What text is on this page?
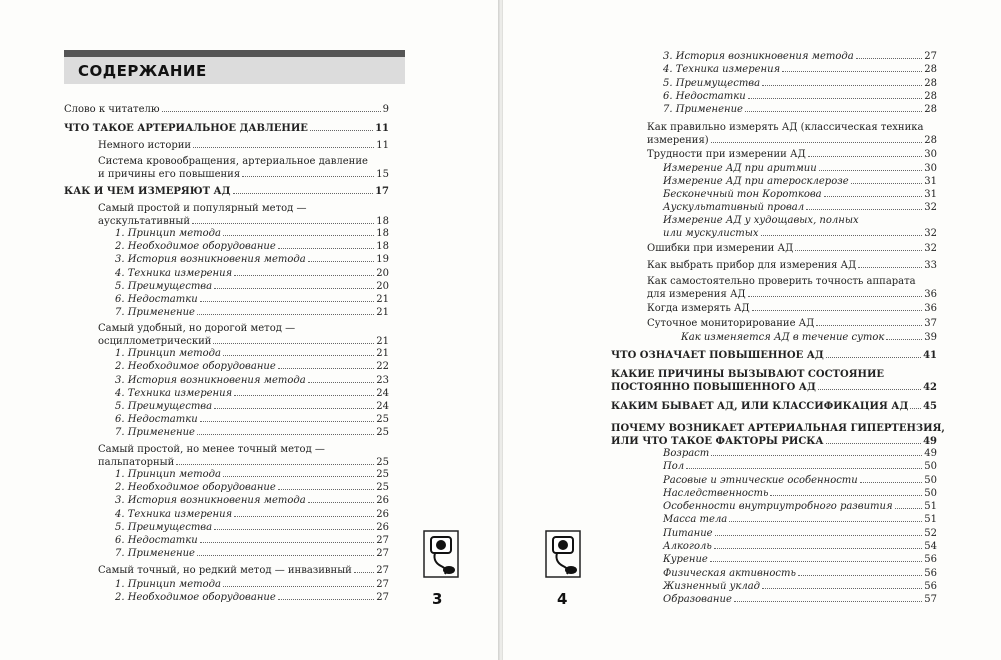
СОДЕРЖАНИЕ
Слово к читателю	9
ЧТО ТАКОЕ АРТЕРИАЛЬНОЕ ДАВЛЕНИЕ	11
Немного истории	11
Система кровообращения, артериальное давление
и причины его повышения	15
КАК И ЧЕМ ИЗМЕРЯЮТ АД	17
Самый простой и популярный метод —
аускультативный	18
1. Принцип метода	18
2. Необходимое оборудование	18
3. История возникновения метода	19
4. Техника измерения	20
5. Преимущества	20
6. Недостатки	21
7. Применение	21
Самый удобный, но дорогой метод —
осциллометрический	21
1. Принцип метода	21
2. Необходимое оборудование	22
3. История возникновения метода	23
4. Техника измерения	24
5. Преимущества	24
6. Недостатки	25
7. Применение	25
Самый простой, но менее точный метод —
пальпаторный	25
1. Принцип метода	25
2. Необходимое оборудование	25
3. История возникновения метода	26
4. Техника измерения	26
5. Преимущества	26
6. Недостатки	27
7. Применение	27
Самый точный, но редкий метод — инвазивный 27
1. Принцип метода	27
2. Необходимое оборудование	27	3
3. История возникновения метода	27
4. Техника измерения	28
5. Преимущества	28
6. Недостатки	28
7. Применение	28
Как правильно измерять АД (классическая техника
измерения)	28
Трудности при измерении АД	30
Измерение АД при аритмии	30
Измерение АД при атеросклерозе	31
Бесконечный тон Короткова	31
Аускультативный провал	32
Измерение АД у худощавых, полных
или мускулистых	32
Ошибки при измерении АД	32
Как выбрать прибор для измерения АД	33
Как самостоятельно проверить точность аппарата
для измерения АД	36
Когда измерять АД	36
Суточное мониторирование АД	37
Как изменяется АД в течение суток	39
ЧТО ОЗНАЧАЕТ ПОВЫШЕННОЕ АД	41
КАКИЕ ПРИЧИНЫ ВЫЗЫВАЮТ СОСТОЯНИЕ
ПОСТОЯННО ПОВЫШЕННОГО АД	42
КАКИМ БЫВАЕТ АД, ИЛИ КЛАССИФИКАЦИЯ АД 45
ПОЧЕМУ ВОЗНИКАЕТ АРТЕРИАЛЬНАЯ ГИПЕРТЕНЗИЯ,
ИЛИ ЧТО ТАКОЕ ФАКТОРЫ РИСКА	49
Возраст	49
Пол	50
Расовые и этнические особенности	50
Наследственность	50
Особенности внутриутробного развития	51
Масса тела	51
Питание	52
Алкоголь	54
Курение	56
Физическая активность	56
Жизненный уклад	56
Образование	57
4
